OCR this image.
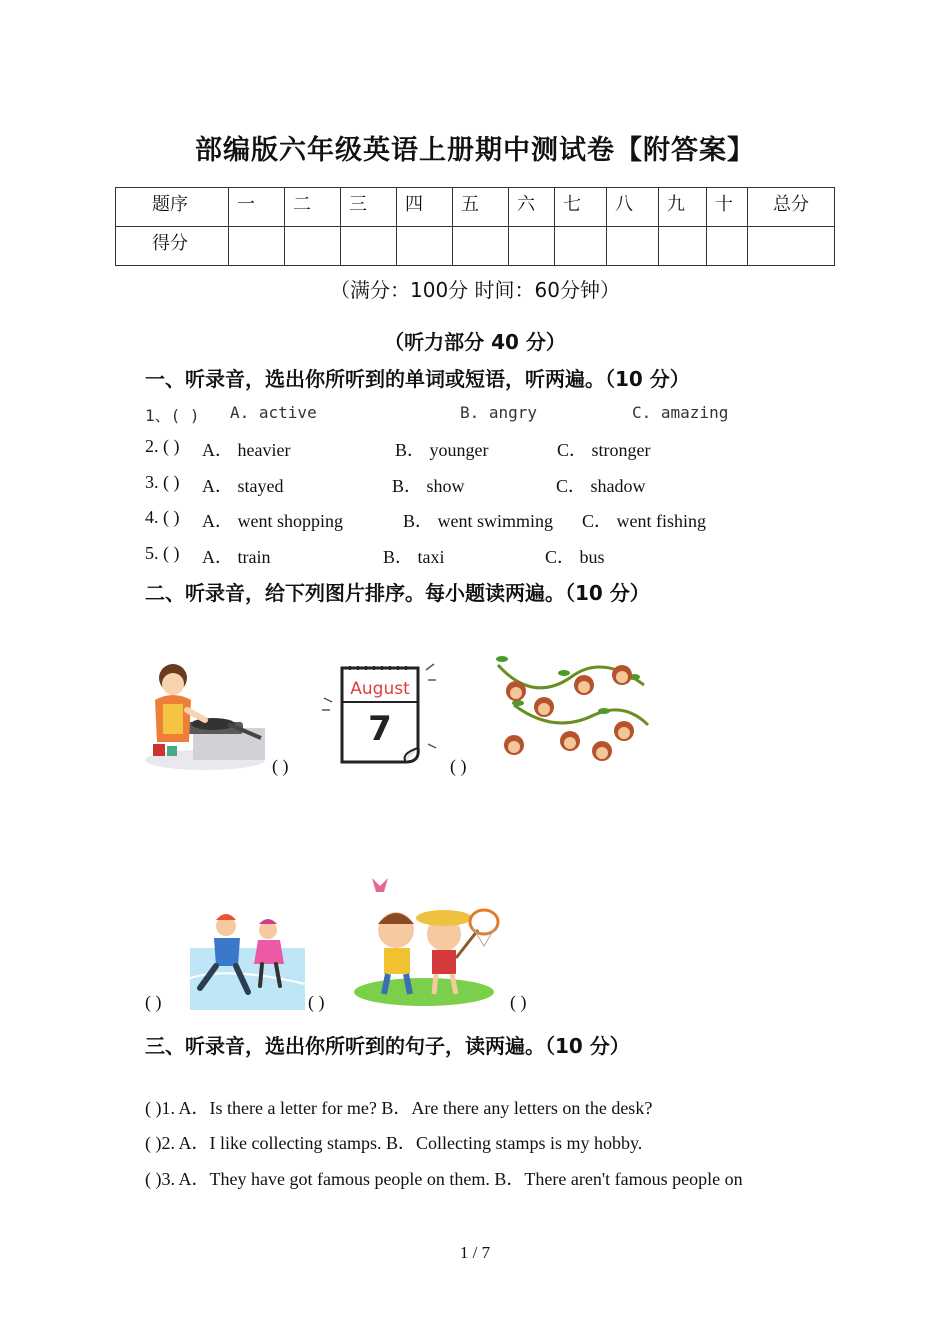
部编版六年级英语上册期中测试卷【附答案】
题序	一	二	三	四	五	六	七	八	九	十	总分
得分											
（满分：100分 时间：60分钟）
（听力部分 40 分）
一、听录音，选出你所听到的单词或短语，听两遍。（10 分）
1、( ) A. active	B. angry	C. amazing
2. ( ) A． heavier	B． younger	C． stronger
3. ( ) A． stayed	B． show	C． shadow
4. ( ) A． went shopping	B． went swimming C． went fishing
5. ( ) A． train	B． taxi	C． bus
二、听录音，给下列图片排序。每小题读两遍。（10 分）
( )
August
7
( )
( )	( )	( )
三、听录音，选出你所听到的句子，读两遍。（10 分）
( )1. A．Is there a letter for me? B．Are there any letters on the desk?
( )2. A．I like collecting stamps. B．Collecting stamps is my hobby.
( )3. A．They have got famous people on them. B．There aren't famous people on
1 / 7
